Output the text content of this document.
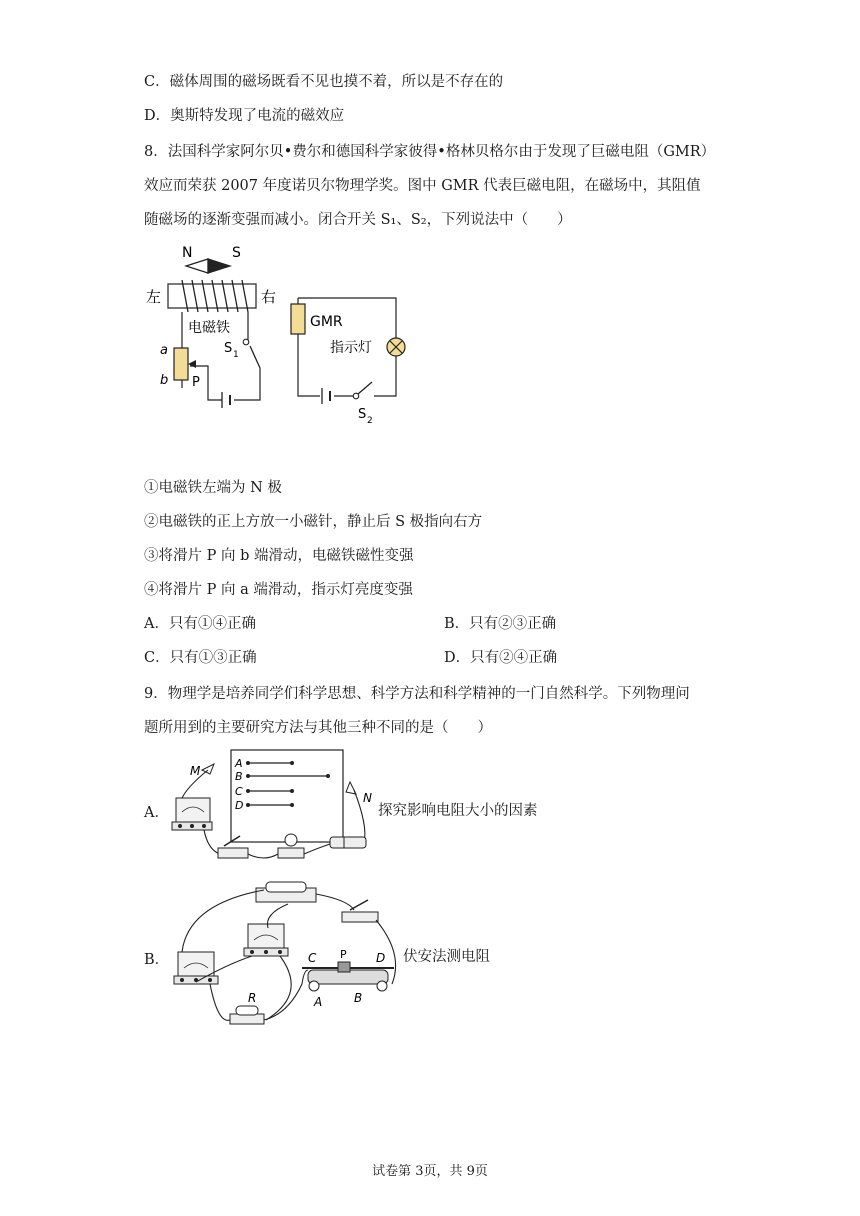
C．磁体周围的磁场既看不见也摸不着，所以是不存在的
D．奥斯特发现了电流的磁效应
8．法国科学家阿尔贝•费尔和德国科学家彼得•格林贝格尔由于发现了巨磁电阻（GMR）
效应而荣获 2007 年度诺贝尔物理学奖。图中 GMR 代表巨磁电阻，在磁场中，其阻值
随磁场的逐渐变强而减小。闭合开关 S₁、S₂，下列说法中（　　）
N	S
左	右
电磁铁
a
b P
S 1
GMR
指示灯
S 2
①电磁铁左端为 N 极
②电磁铁的正上方放一小磁针，静止后 S 极指向右方
③将滑片 P 向 b 端滑动，电磁铁磁性变强
④将滑片 P 向 a 端滑动，指示灯亮度变强
A．只有①④正确	B．只有②③正确
C．只有①③正确	D．只有②④正确
9．物理学是培养同学们科学思想、科学方法和科学精神的一门自然科学。下列物理问
题所用到的主要研究方法与其他三种不同的是（　　）
A．
A
B
C
D
M
N
探究影响电阻大小的因素
B．
R
C P D
A	B
伏安法测电阻
试卷第 3页，共 9页
